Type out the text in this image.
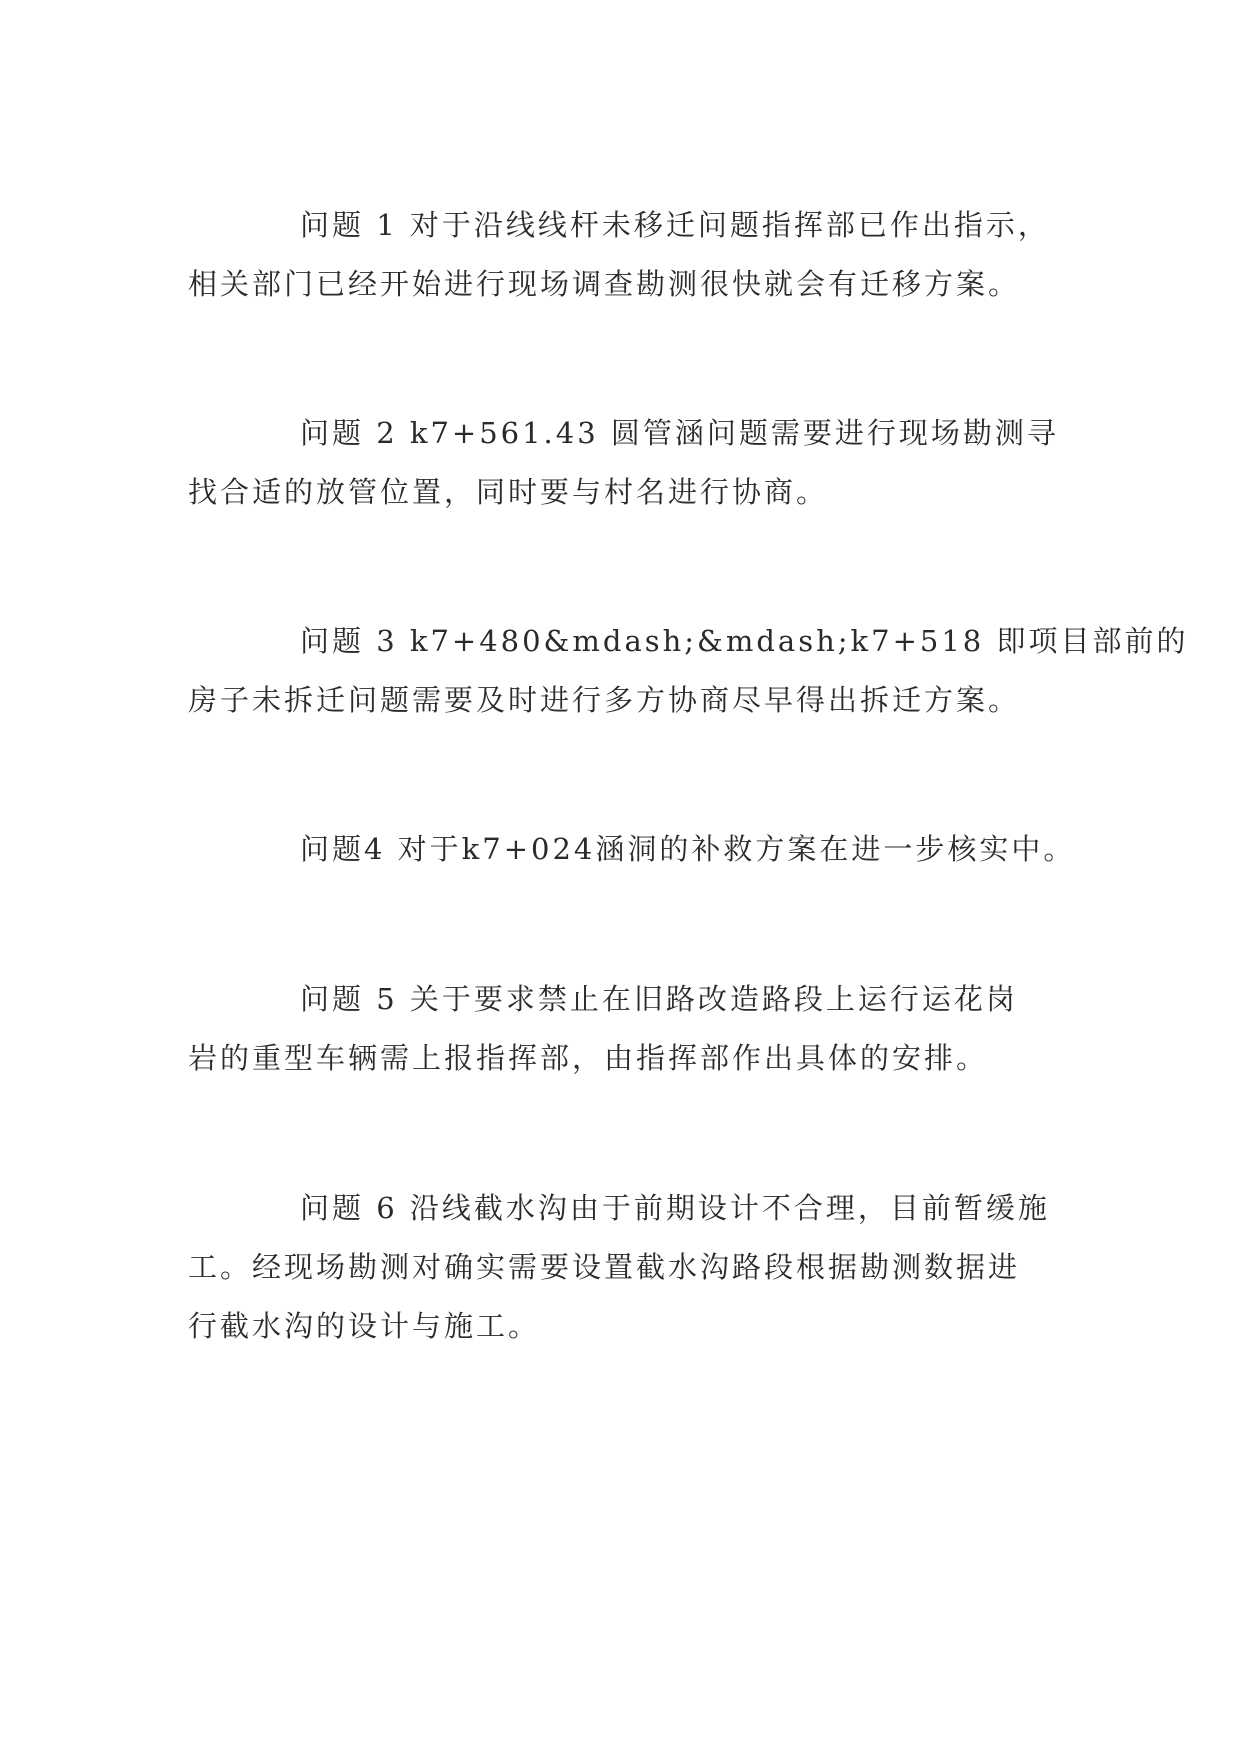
问题 1 对于沿线线杆未移迁问题指挥部已作出指示，
相关部门已经开始进行现场调查勘测很快就会有迁移方案。

问题 2 k7+561.43 圆管涵问题需要进行现场勘测寻
找合适的放管位置，同时要与村名进行协商。

问题 3 k7+480&mdash;&mdash;k7+518 即项目部前的
房子未拆迁问题需要及时进行多方协商尽早得出拆迁方案。

问题4 对于k7+024涵洞的补救方案在进一步核实中。

问题 5 关于要求禁止在旧路改造路段上运行运花岗
岩的重型车辆需上报指挥部，由指挥部作出具体的安排。

问题 6 沿线截水沟由于前期设计不合理，目前暂缓施
工。经现场勘测对确实需要设置截水沟路段根据勘测数据进
行截水沟的设计与施工。
